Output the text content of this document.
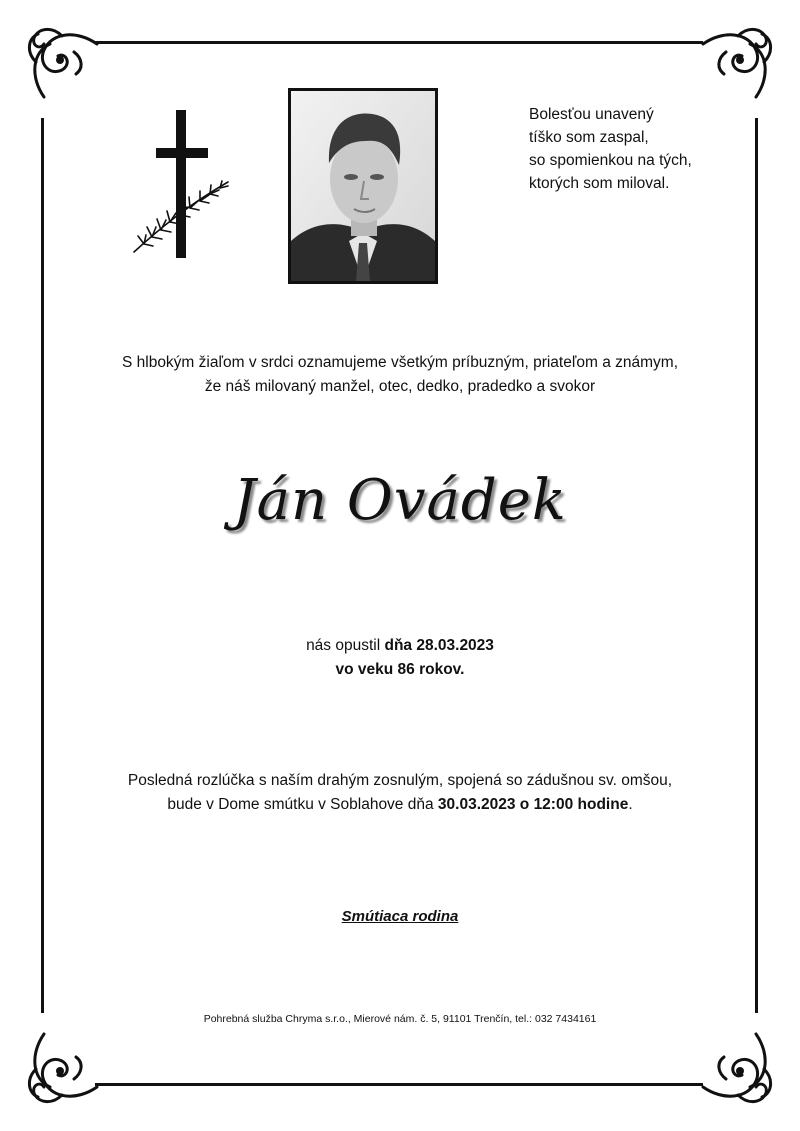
Bolesťou unavený
tíško som zaspal,
so spomienkou na tých,
ktorých som miloval.
S hlbokým žiaľom v srdci oznamujeme všetkým príbuzným, priateľom a známym,
že náš milovaný manžel, otec, dedko, pradedko a svokor
Ján Ovádek
nás opustil dňa 28.03.2023
vo veku 86 rokov.
Posledná rozlúčka s naším drahým zosnulým, spojená so zádušnou sv. omšou,
bude v Dome smútku v Soblahove dňa 30.03.2023 o 12:00 hodine.
Smútiaca rodina
Pohrebná služba Chryma s.r.o., Mierové nám. č. 5, 91101 Trenčín, tel.: 032 7434161
